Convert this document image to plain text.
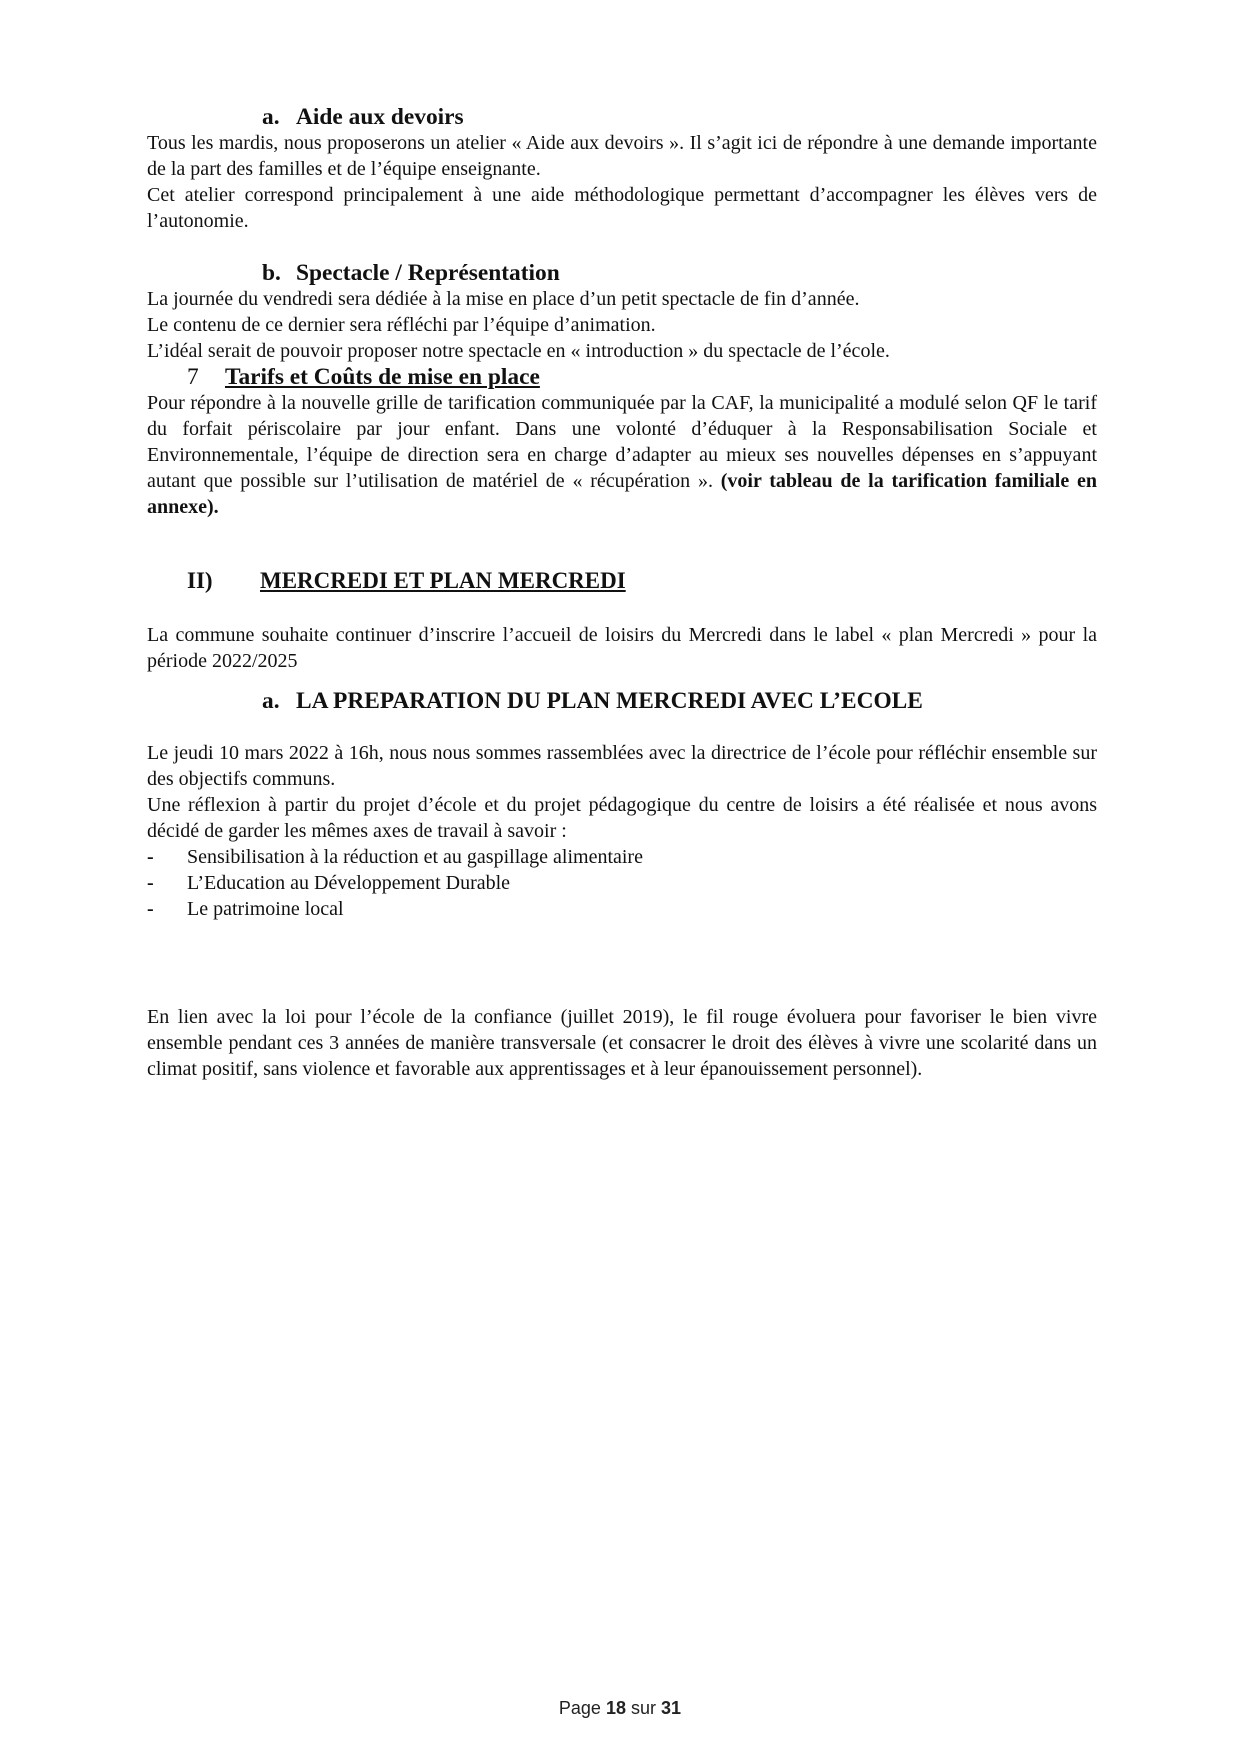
a. Aide aux devoirs

Tous les mardis, nous proposerons un atelier « Aide aux devoirs ». Il s’agit ici de répondre à une demande importante de la part des familles et de l’équipe enseignante.

Cet atelier correspond principalement à une aide méthodologique permettant d’accompagner les élèves vers de l’autonomie.

b. Spectacle / Représentation

La journée du vendredi sera dédiée à la mise en place d’un petit spectacle de fin d’année.

Le contenu de ce dernier sera réfléchi par l’équipe d’animation.

L’idéal serait de pouvoir proposer notre spectacle en « introduction » du spectacle de l’école.

7 Tarifs et Coûts de mise en place

Pour répondre à la nouvelle grille de tarification communiquée par la CAF, la municipalité a modulé selon QF le tarif du forfait périscolaire par jour enfant. Dans une volonté d’éduquer à la Responsabilisation Sociale et Environnementale, l’équipe de direction sera en charge d’adapter au mieux ses nouvelles dépenses en s’appuyant autant que possible sur l’utilisation de matériel de « récupération ». (voir tableau de la tarification familiale en annexe).

II) MERCREDI ET PLAN MERCREDI

La commune souhaite continuer d’inscrire l’accueil de loisirs du Mercredi dans le label « plan Mercredi » pour la période 2022/2025

a. LA PREPARATION DU PLAN MERCREDI AVEC L’ECOLE

Le jeudi 10 mars 2022 à 16h, nous nous sommes rassemblées avec la directrice de l’école pour réfléchir ensemble sur des objectifs communs.

Une réflexion à partir du projet d’école et du projet pédagogique du centre de loisirs a été réalisée et nous avons décidé de garder les mêmes axes de travail à savoir :

- Sensibilisation à la réduction et au gaspillage alimentaire
- L’Education au Développement Durable
- Le patrimoine local

En lien avec la loi pour l’école de la confiance (juillet 2019), le fil rouge évoluera pour favoriser le bien vivre ensemble pendant ces 3 années de manière transversale (et consacrer le droit des élèves à vivre une scolarité dans un climat positif, sans violence et favorable aux apprentissages et à leur épanouissement personnel).

Page 18 sur 31
